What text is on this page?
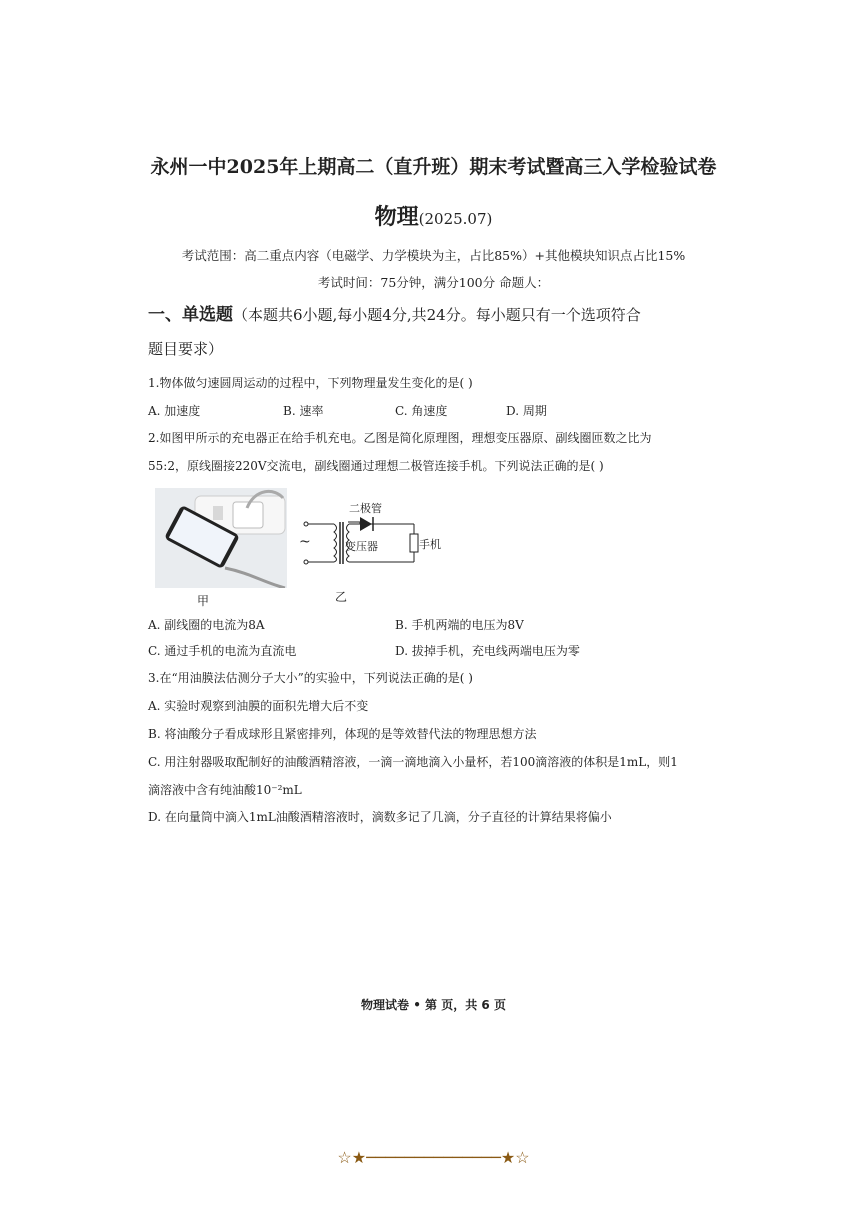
永州一中2025年上期高二（直升班）期末考试暨高三入学检验试卷
物理(2025.07)
考试范围：高二重点内容（电磁学、力学模块为主，占比85%）+其他模块知识点占比15%
考试时间：75分钟，满分100分 命题人：
一、单选题（本题共6小题,每小题4分,共24分。每小题只有一个选项符合
题目要求）
1.物体做匀速圆周运动的过程中，下列物理量发生变化的是( )
A. 加速度	B. 速率	C. 角速度	D. 周期
2.如图甲所示的充电器正在给手机充电。乙图是简化原理图，理想变压器原、副线圈匝数之比为
55:2，原线圈接220V交流电，副线圈通过理想二极管连接手机。下列说法正确的是( )
甲
二极管
变压器	手机
~
乙
A. 副线圈的电流为8A	B. 手机两端的电压为8V
C. 通过手机的电流为直流电	D. 拔掉手机，充电线两端电压为零
3.在“用油膜法估测分子大小”的实验中，下列说法正确的是( )
A. 实验时观察到油膜的面积先增大后不变
B. 将油酸分子看成球形且紧密排列，体现的是等效替代法的物理思想方法
C. 用注射器吸取配制好的油酸酒精溶液，一滴一滴地滴入小量杯，若100滴溶液的体积是1mL，则1
滴溶液中含有纯油酸10⁻²mL
D. 在向量筒中滴入1mL油酸酒精溶液时，滴数多记了几滴，分子直径的计算结果将偏小
物理试卷 • 第 页，共 6 页
☆★──────────────★☆
